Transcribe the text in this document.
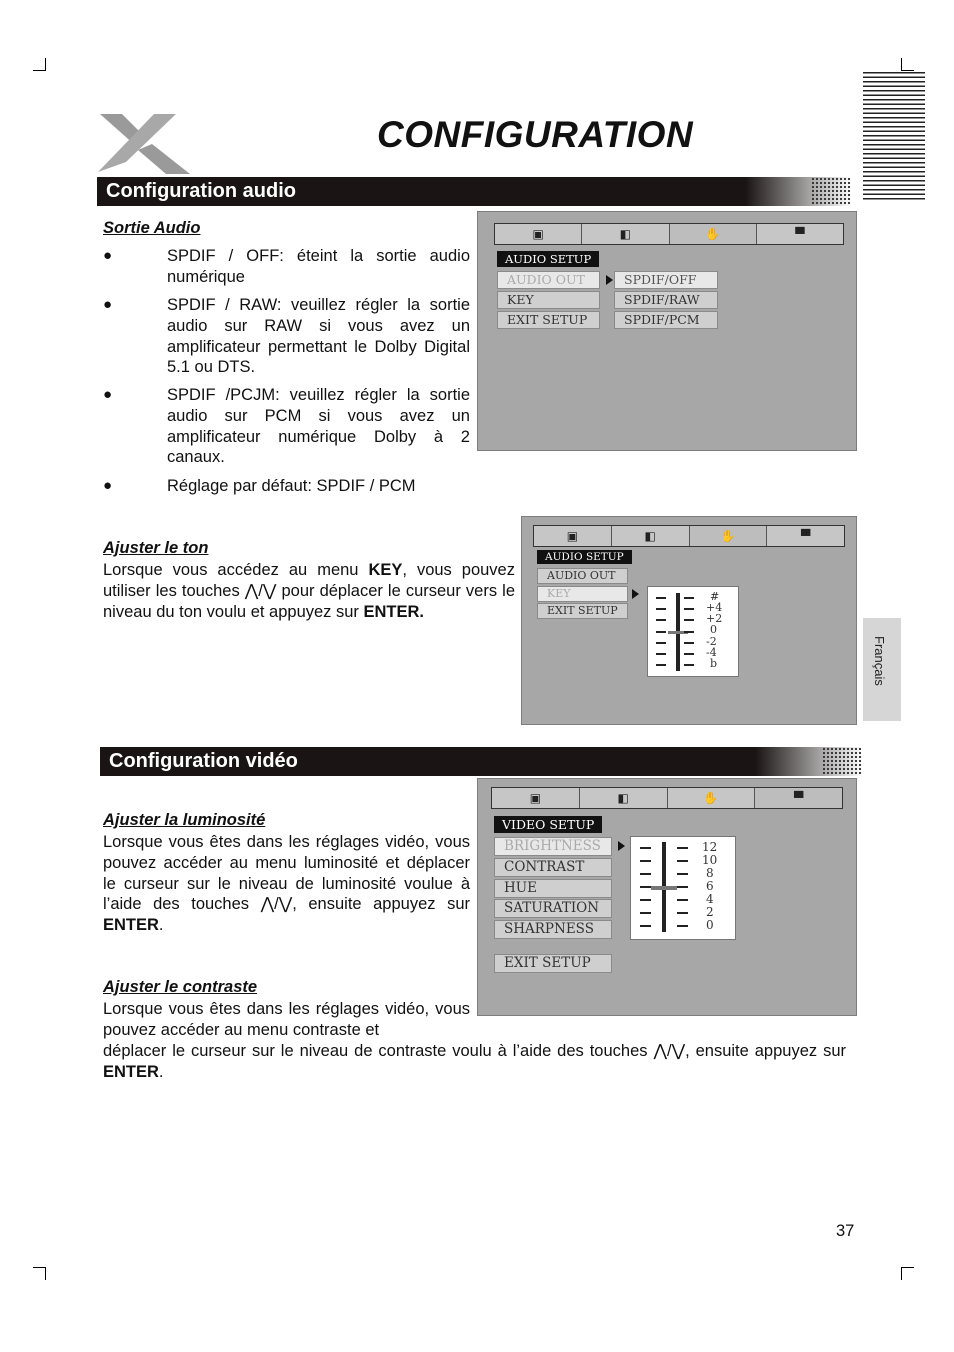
CONFIGURATION
Configuration audio
Sortie Audio
●	SPDIF / OFF: éteint la sortie audio numérique
●	SPDIF / RAW: veuillez régler la sortie audio sur RAW si vous avez un amplificateur permettant le Dolby Digital 5.1 ou DTS.
●	SPDIF /PCJM: veuillez régler la sortie audio sur PCM si vous avez un amplificateur numérique Dolby à 2 canaux.
●	Réglage par défaut: SPDIF / PCM
▣	◧	✋	▀
AUDIO SETUP
AUDIO OUT
KEY
EXIT SETUP
SPDIF/OFF
SPDIF/RAW
SPDIF/PCM
Ajuster le ton
Lorsque vous accédez au menu KEY, vous pouvez utiliser les touches ⋀/⋁ pour déplacer le curseur vers le niveau du ton voulu et appuyez sur ENTER.
▣	◧	✋	▀
AUDIO SETUP
AUDIO OUT
KEY
EXIT SETUP
#
+4
+2
0
-2
-4
b
Configuration vidéo
Ajuster la luminosité
Lorsque vous êtes dans les réglages vidéo, vous pouvez accéder au menu luminosité et déplacer le curseur sur le niveau de luminosité voulue à l’aide des touches ⋀/⋁, ensuite appuyez sur ENTER.
Ajuster le contraste
Lorsque vous êtes dans les réglages vidéo, vous pouvez accéder au menu contraste et
déplacer le curseur sur le niveau de contraste voulu à l’aide des touches ⋀/⋁, ensuite appuyez sur ENTER.
▣	◧	✋	▀
VIDEO SETUP
BRIGHTNESS
CONTRAST
HUE
SATURATION
SHARPNESS
EXIT SETUP
12
10
8
6
4
2
0
Français
37
